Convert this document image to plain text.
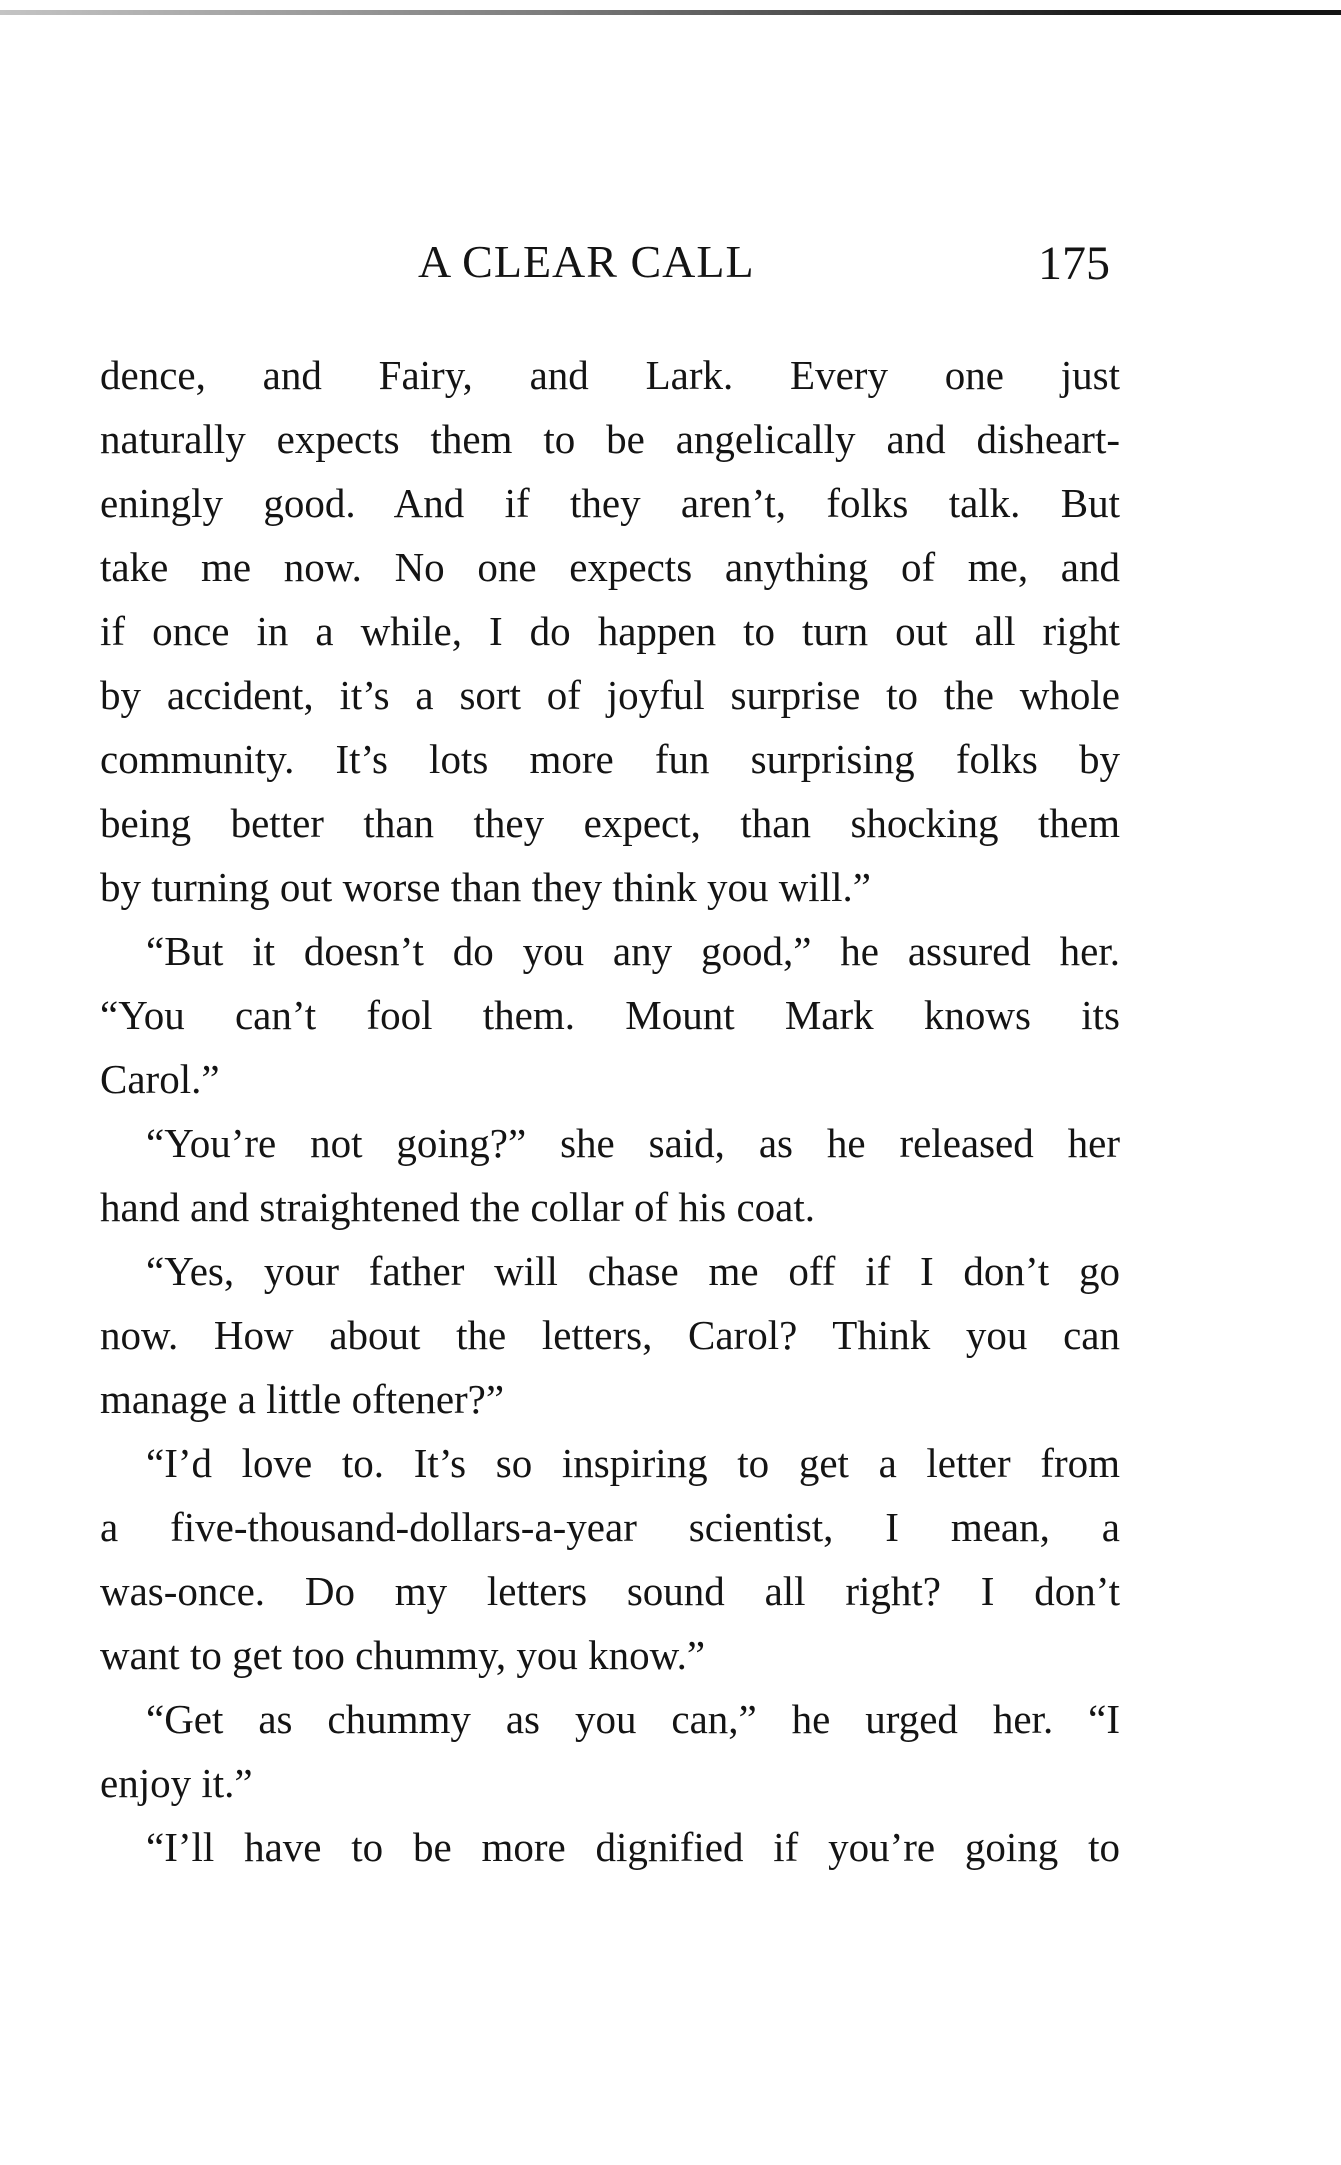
A CLEAR CALL	175
dence, and Fairy, and Lark. Every one just
naturally expects them to be angelically and disheart-
eningly good. And if they aren’t, folks talk. But
take me now. No one expects anything of me, and
if once in a while, I do happen to turn out all right
by accident, it’s a sort of joyful surprise to the whole
community. It’s lots more fun surprising folks by
being better than they expect, than shocking them
by turning out worse than they think you will.”
“But it doesn’t do you any good,” he assured her.
“You can’t fool them. Mount Mark knows its
Carol.”
“You’re not going?” she said, as he released her
hand and straightened the collar of his coat.
“Yes, your father will chase me off if I don’t go
now. How about the letters, Carol? Think you can
manage a little oftener?”
“I’d love to. It’s so inspiring to get a letter from
a five-thousand-dollars-a-year scientist, I mean, a
was-once. Do my letters sound all right? I don’t
want to get too chummy, you know.”
“Get as chummy as you can,” he urged her. “I
enjoy it.”
“I’ll have to be more dignified if you’re going to
